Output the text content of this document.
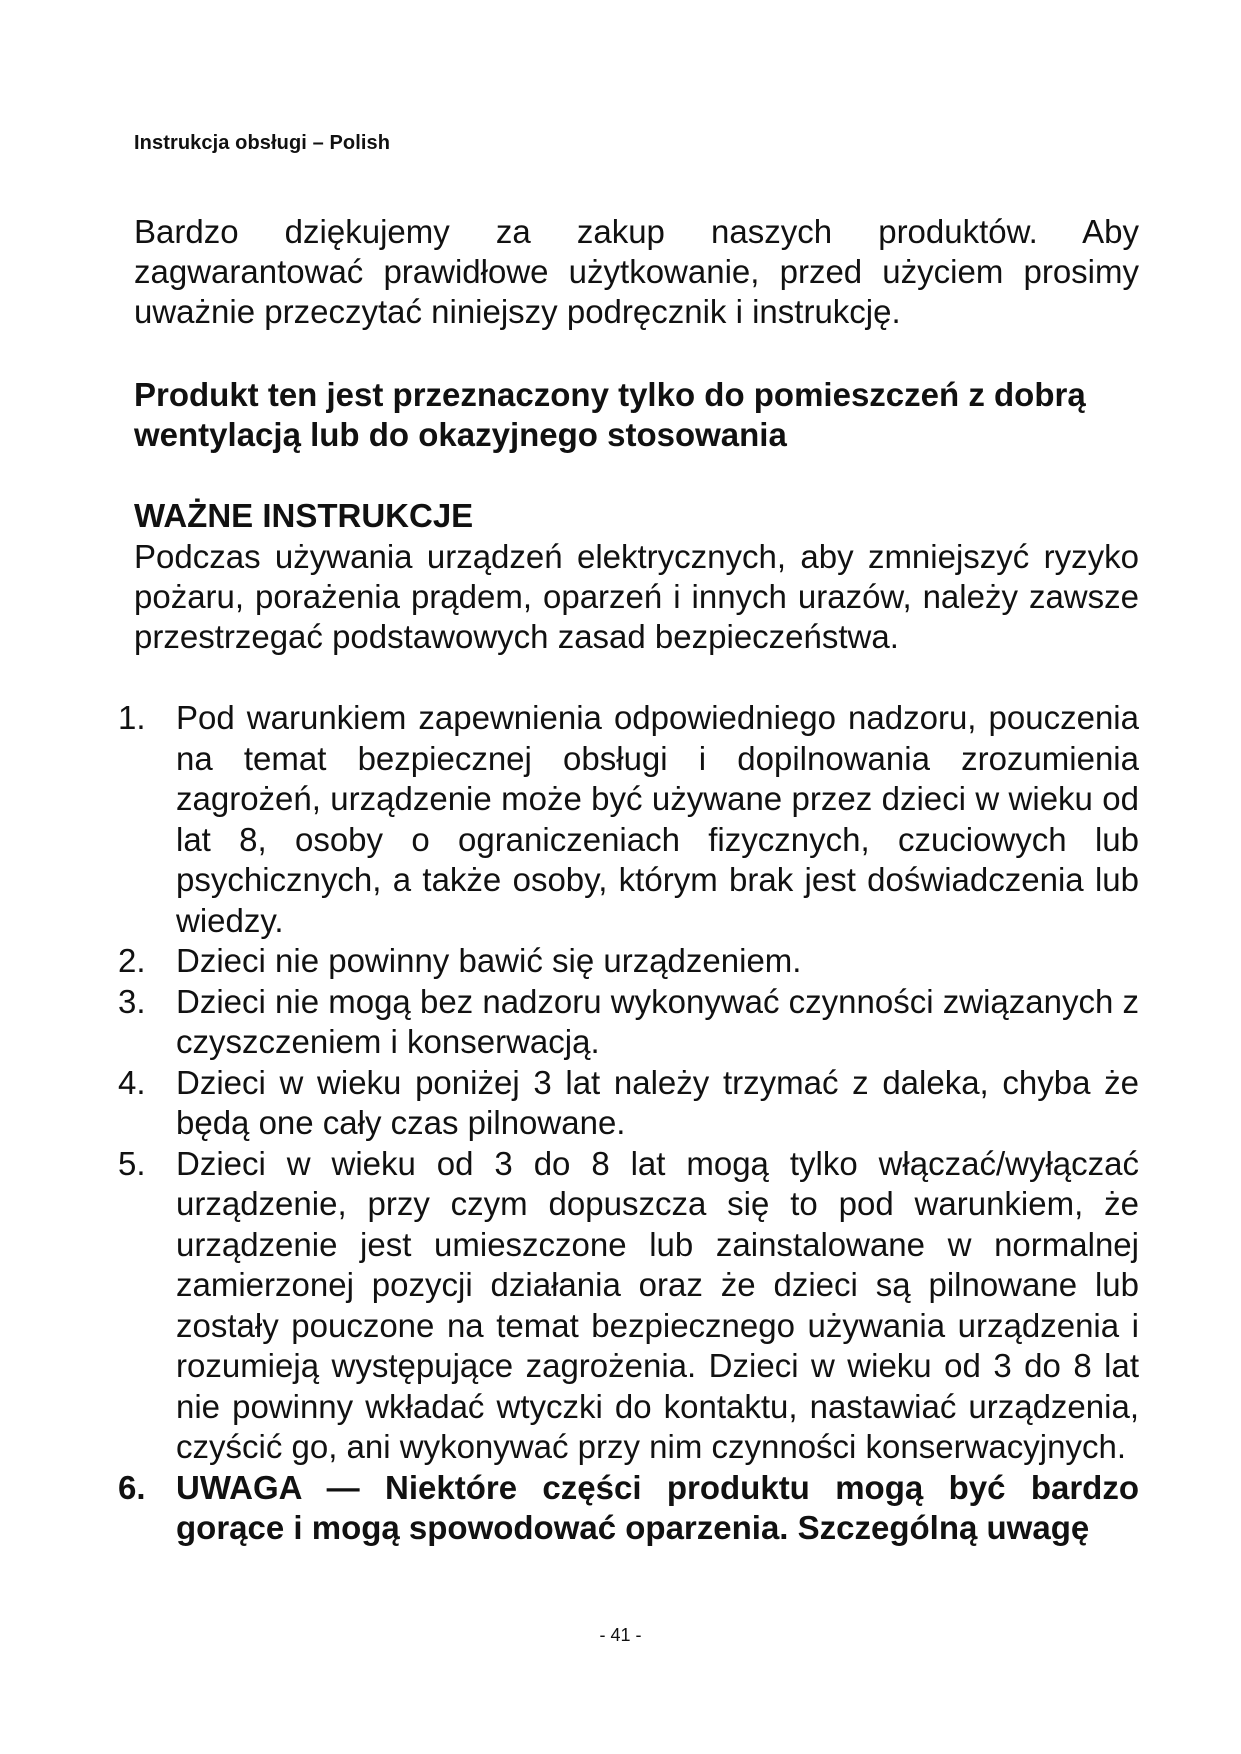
Instrukcja obsługi – Polish
Bardzo dziękujemy za zakup naszych produktów. Aby zagwarantować prawidłowe użytkowanie, przed użyciem prosimy uważnie przeczytać niniejszy podręcznik i instrukcję.
Produkt ten jest przeznaczony tylko do pomieszczeń z dobrą wentylacją lub do okazyjnego stosowania
WAŻNE INSTRUKCJE
Podczas używania urządzeń elektrycznych, aby zmniejszyć ryzyko pożaru, porażenia prądem, oparzeń i innych urazów, należy zawsze przestrzegać podstawowych zasad bezpieczeństwa.
1. Pod warunkiem zapewnienia odpowiedniego nadzoru, pouczenia na temat bezpiecznej obsługi i dopilnowania zrozumienia zagrożeń, urządzenie może być używane przez dzieci w wieku od lat 8, osoby o ograniczeniach fizycznych, czuciowych lub psychicznych, a także osoby, którym brak jest doświadczenia lub wiedzy.
2. Dzieci nie powinny bawić się urządzeniem.
3. Dzieci nie mogą bez nadzoru wykonywać czynności związanych z czyszczeniem i konserwacją.
4. Dzieci w wieku poniżej 3 lat należy trzymać z daleka, chyba że będą one cały czas pilnowane.
5. Dzieci w wieku od 3 do 8 lat mogą tylko włączać/wyłączać urządzenie, przy czym dopuszcza się to pod warunkiem, że urządzenie jest umieszczone lub zainstalowane w normalnej zamierzonej pozycji działania oraz że dzieci są pilnowane lub zostały pouczone na temat bezpiecznego używania urządzenia i rozumieją występujące zagrożenia. Dzieci w wieku od 3 do 8 lat nie powinny wkładać wtyczki do kontaktu, nastawiać urządzenia, czyścić go, ani wykonywać przy nim czynności konserwacyjnych.
6. UWAGA — Niektóre części produktu mogą być bardzo gorące i mogą spowodować oparzenia. Szczególną uwagę
- 41 -
